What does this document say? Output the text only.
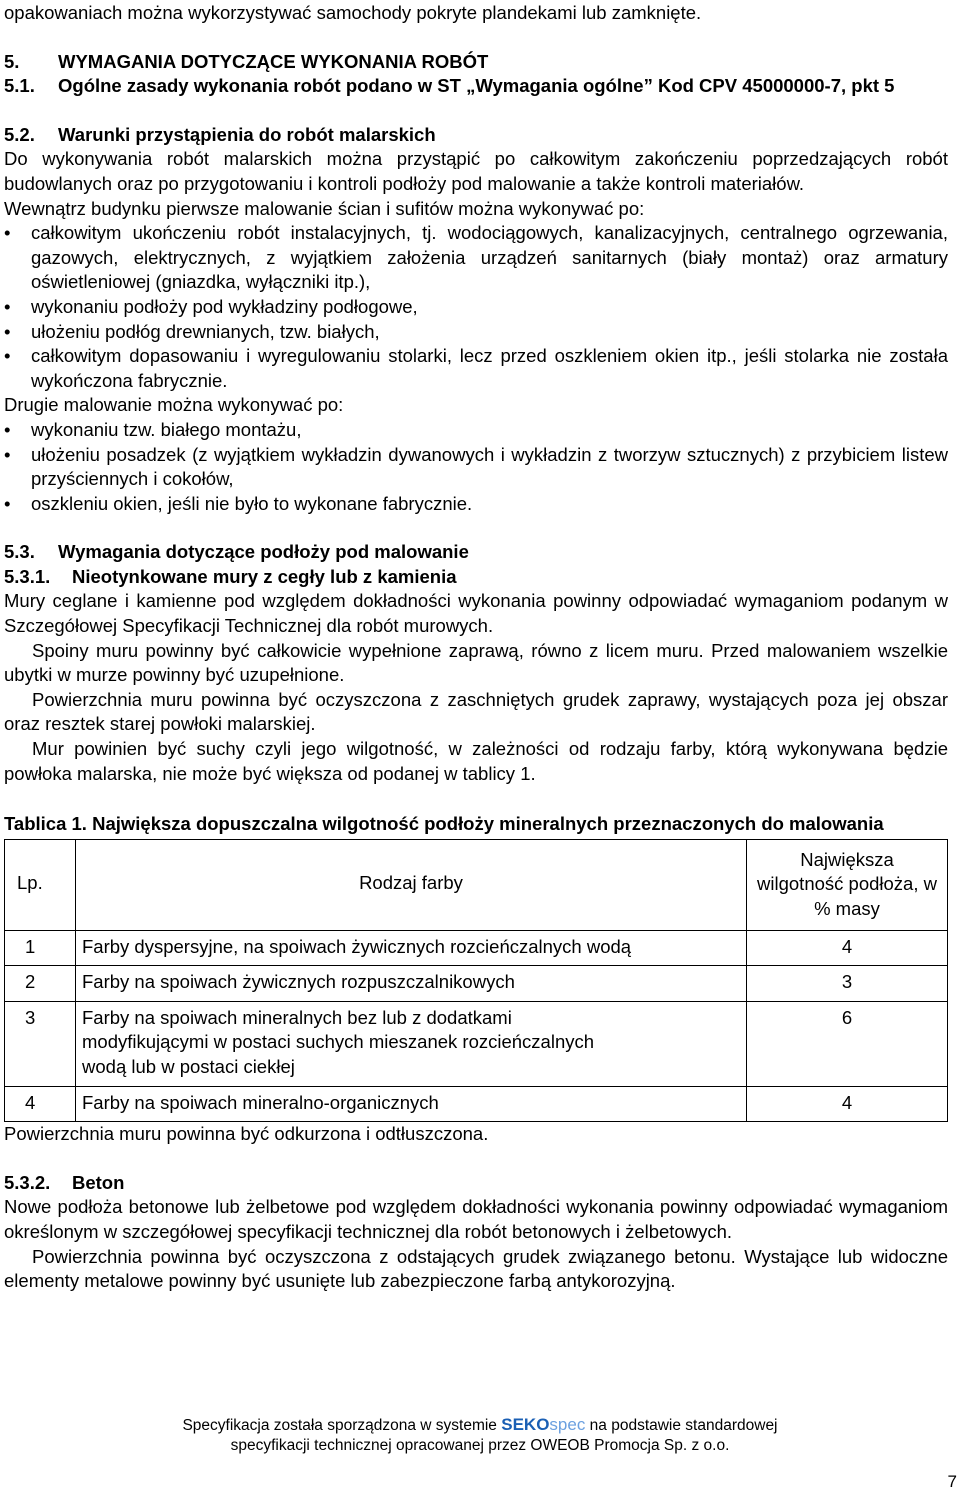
opakowaniach można wykorzystywać samochody pokryte plandekami lub zamknięte.

5.	WYMAGANIA DOTYCZĄCE WYKONANIA ROBÓT

5.1.	Ogólne zasady wykonania robót podano w ST „Wymagania ogólne” Kod CPV 45000000-7, pkt 5

5.2.	Warunki przystąpienia do robót malarskich

Do wykonywania robót malarskich można przystąpić po całkowitym zakończeniu poprzedzających robót budowlanych oraz po przygotowaniu i kontroli podłoży pod malowanie a także kontroli materiałów.

Wewnątrz budynku pierwsze malowanie ścian i sufitów można wykonywać po:

• całkowitym ukończeniu robót instalacyjnych, tj. wodociągowych, kanalizacyjnych, centralnego ogrzewania, gazowych, elektrycznych, z wyjątkiem założenia urządzeń sanitarnych (biały montaż) oraz armatury oświetleniowej (gniazdka, wyłączniki itp.),
• wykonaniu podłoży pod wykładziny podłogowe,
• ułożeniu podłóg drewnianych, tzw. białych,
• całkowitym dopasowaniu i wyregulowaniu stolarki, lecz przed oszkleniem okien itp., jeśli stolarka nie została wykończona fabrycznie.

Drugie malowanie można wykonywać po:

• wykonaniu tzw. białego montażu,
• ułożeniu posadzek (z wyjątkiem wykładzin dywanowych i wykładzin z tworzyw sztucznych) z przybiciem listew przyściennych i cokołów,
• oszkleniu okien, jeśli nie było to wykonane fabrycznie.

5.3.	Wymagania dotyczące podłoży pod malowanie

5.3.1.	Nieotynkowane mury z cegły lub z kamienia

Mury ceglane i kamienne pod względem dokładności wykonania powinny odpowiadać wymaganiom podanym w Szczegółowej Specyfikacji Technicznej dla robót murowych.

Spoiny muru powinny być całkowicie wypełnione zaprawą, równo z licem muru. Przed malowaniem wszelkie ubytki w murze powinny być uzupełnione.

Powierzchnia muru powinna być oczyszczona z zaschniętych grudek zaprawy, wystających poza jej obszar oraz resztek starej powłoki malarskiej.

Mur powinien być suchy czyli jego wilgotność, w zależności od rodzaju farby, którą wykonywana będzie powłoka malarska, nie może być większa od podanej w tablicy 1.

Tablica 1. Największa dopuszczalna wilgotność podłoży mineralnych przeznaczonych do malowania

Lp.	Rodzaj farby	Największa wilgotność podłoża, w % masy
1	Farby dyspersyjne, na spoiwach żywicznych rozcieńczalnych wodą	4
2	Farby na spoiwach żywicznych rozpuszczalnikowych	3
3	Farby na spoiwach mineralnych bez lub z dodatkami modyfikującymi w postaci suchych mieszanek rozcieńczalnych wodą lub w postaci ciekłej	6
4	Farby na spoiwach mineralno-organicznych	4

Powierzchnia muru powinna być odkurzona i odtłuszczona.

5.3.2.	Beton

Nowe podłoża betonowe lub żelbetowe pod względem dokładności wykonania powinny odpowiadać wymaganiom określonym w szczegółowej specyfikacji technicznej dla robót betonowych i żelbetowych.

Powierzchnia powinna być oczyszczona z odstających grudek związanego betonu. Wystające lub widoczne elementy metalowe powinny być usunięte lub zabezpieczone farbą antykorozyjną.

Specyfikacja została sporządzona w systemie SEKOspec na podstawie standardowej
specyfikacji technicznej opracowanej przez OWEOB Promocja Sp. z o.o.
7
